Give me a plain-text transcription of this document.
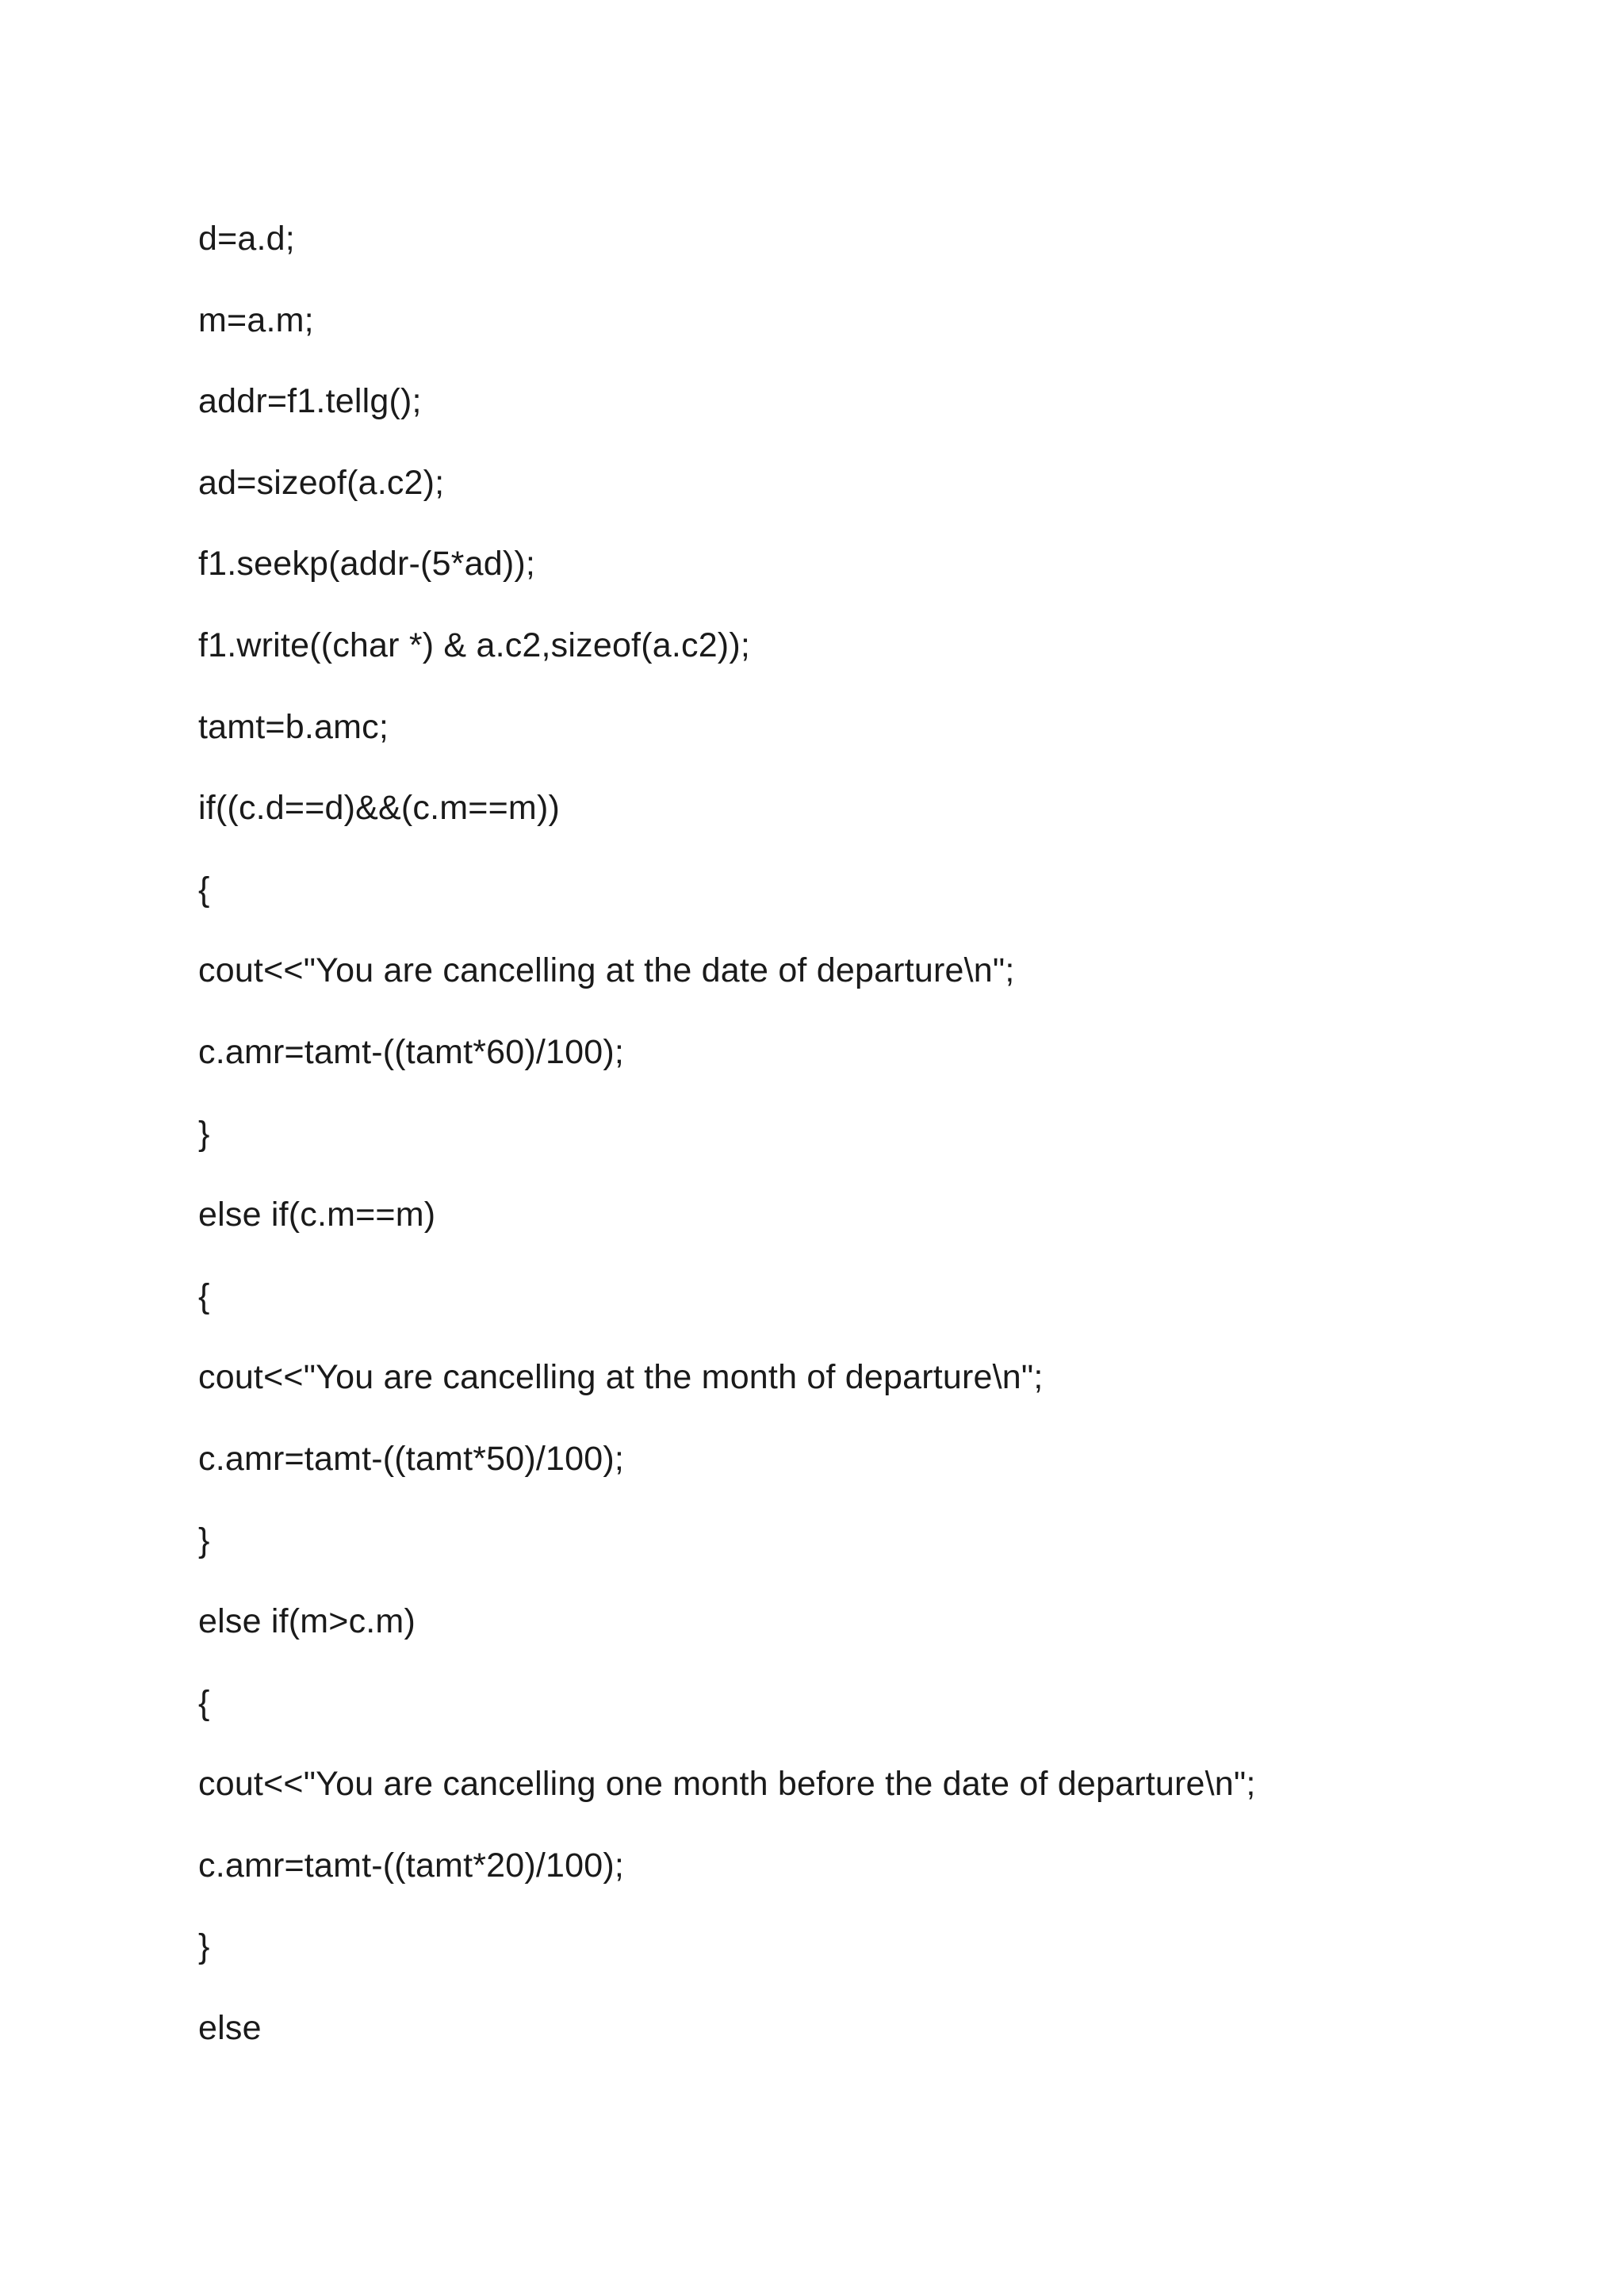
d=a.d;
m=a.m;
addr=f1.tellg();
ad=sizeof(a.c2);
f1.seekp(addr-(5*ad));
f1.write((char *) & a.c2,sizeof(a.c2));
tamt=b.amc;
if((c.d==d)&&(c.m==m))
{
cout<<"You are cancelling at the date of departure\n";
c.amr=tamt-((tamt*60)/100);
}
else if(c.m==m)
{
cout<<"You are cancelling at the month of departure\n";
c.amr=tamt-((tamt*50)/100);
}
else if(m>c.m)
{
cout<<"You are cancelling one month before the date of departure\n";
c.amr=tamt-((tamt*20)/100);
}
else
